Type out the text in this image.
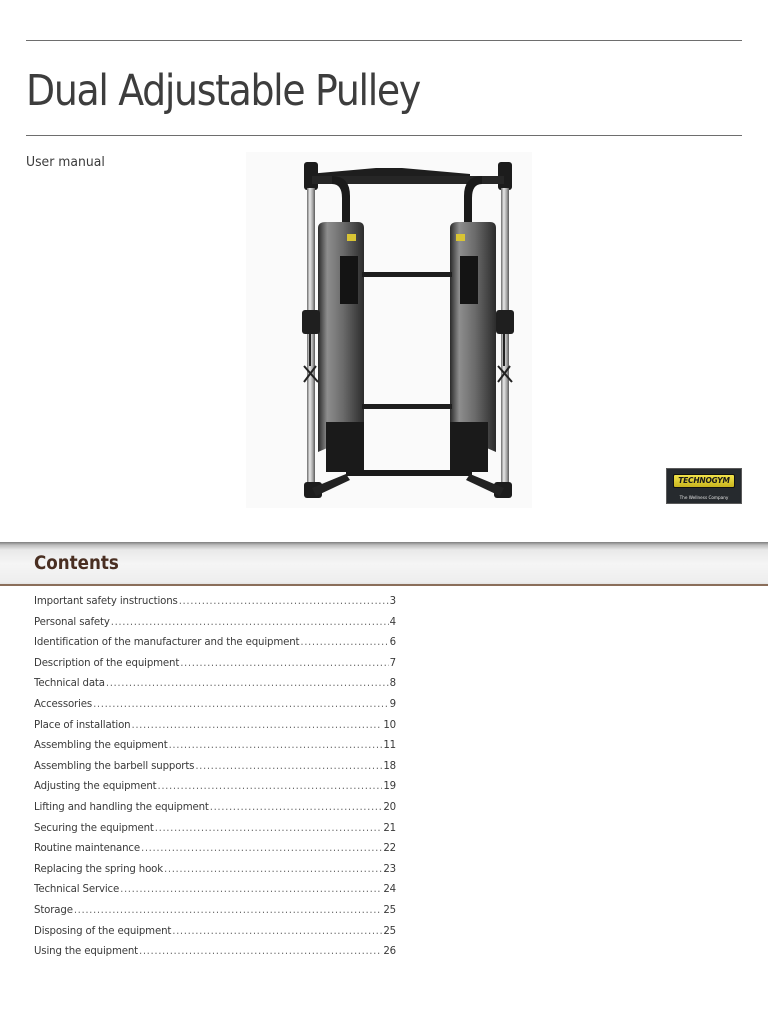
Dual Adjustable Pulley
User manual
TECHNOGYM
The Wellness Company
Contents
Important safety instructions .....	3
Personal safety .....	4
Identification of the manufacturer and the equipment .....	6
Description of the equipment .....	7
Technical data .....	8
Accessories .....	9
Place of installation .....	10
Assembling the equipment .....	11
Assembling the barbell supports .....	18
Adjusting the equipment .....	19
Lifting and handling the equipment .....	20
Securing the equipment .....	21
Routine maintenance .....	22
Replacing the spring hook .....	23
Technical Service .....	24
Storage .....	25
Disposing of the equipment .....	25
Using the equipment .....	26
